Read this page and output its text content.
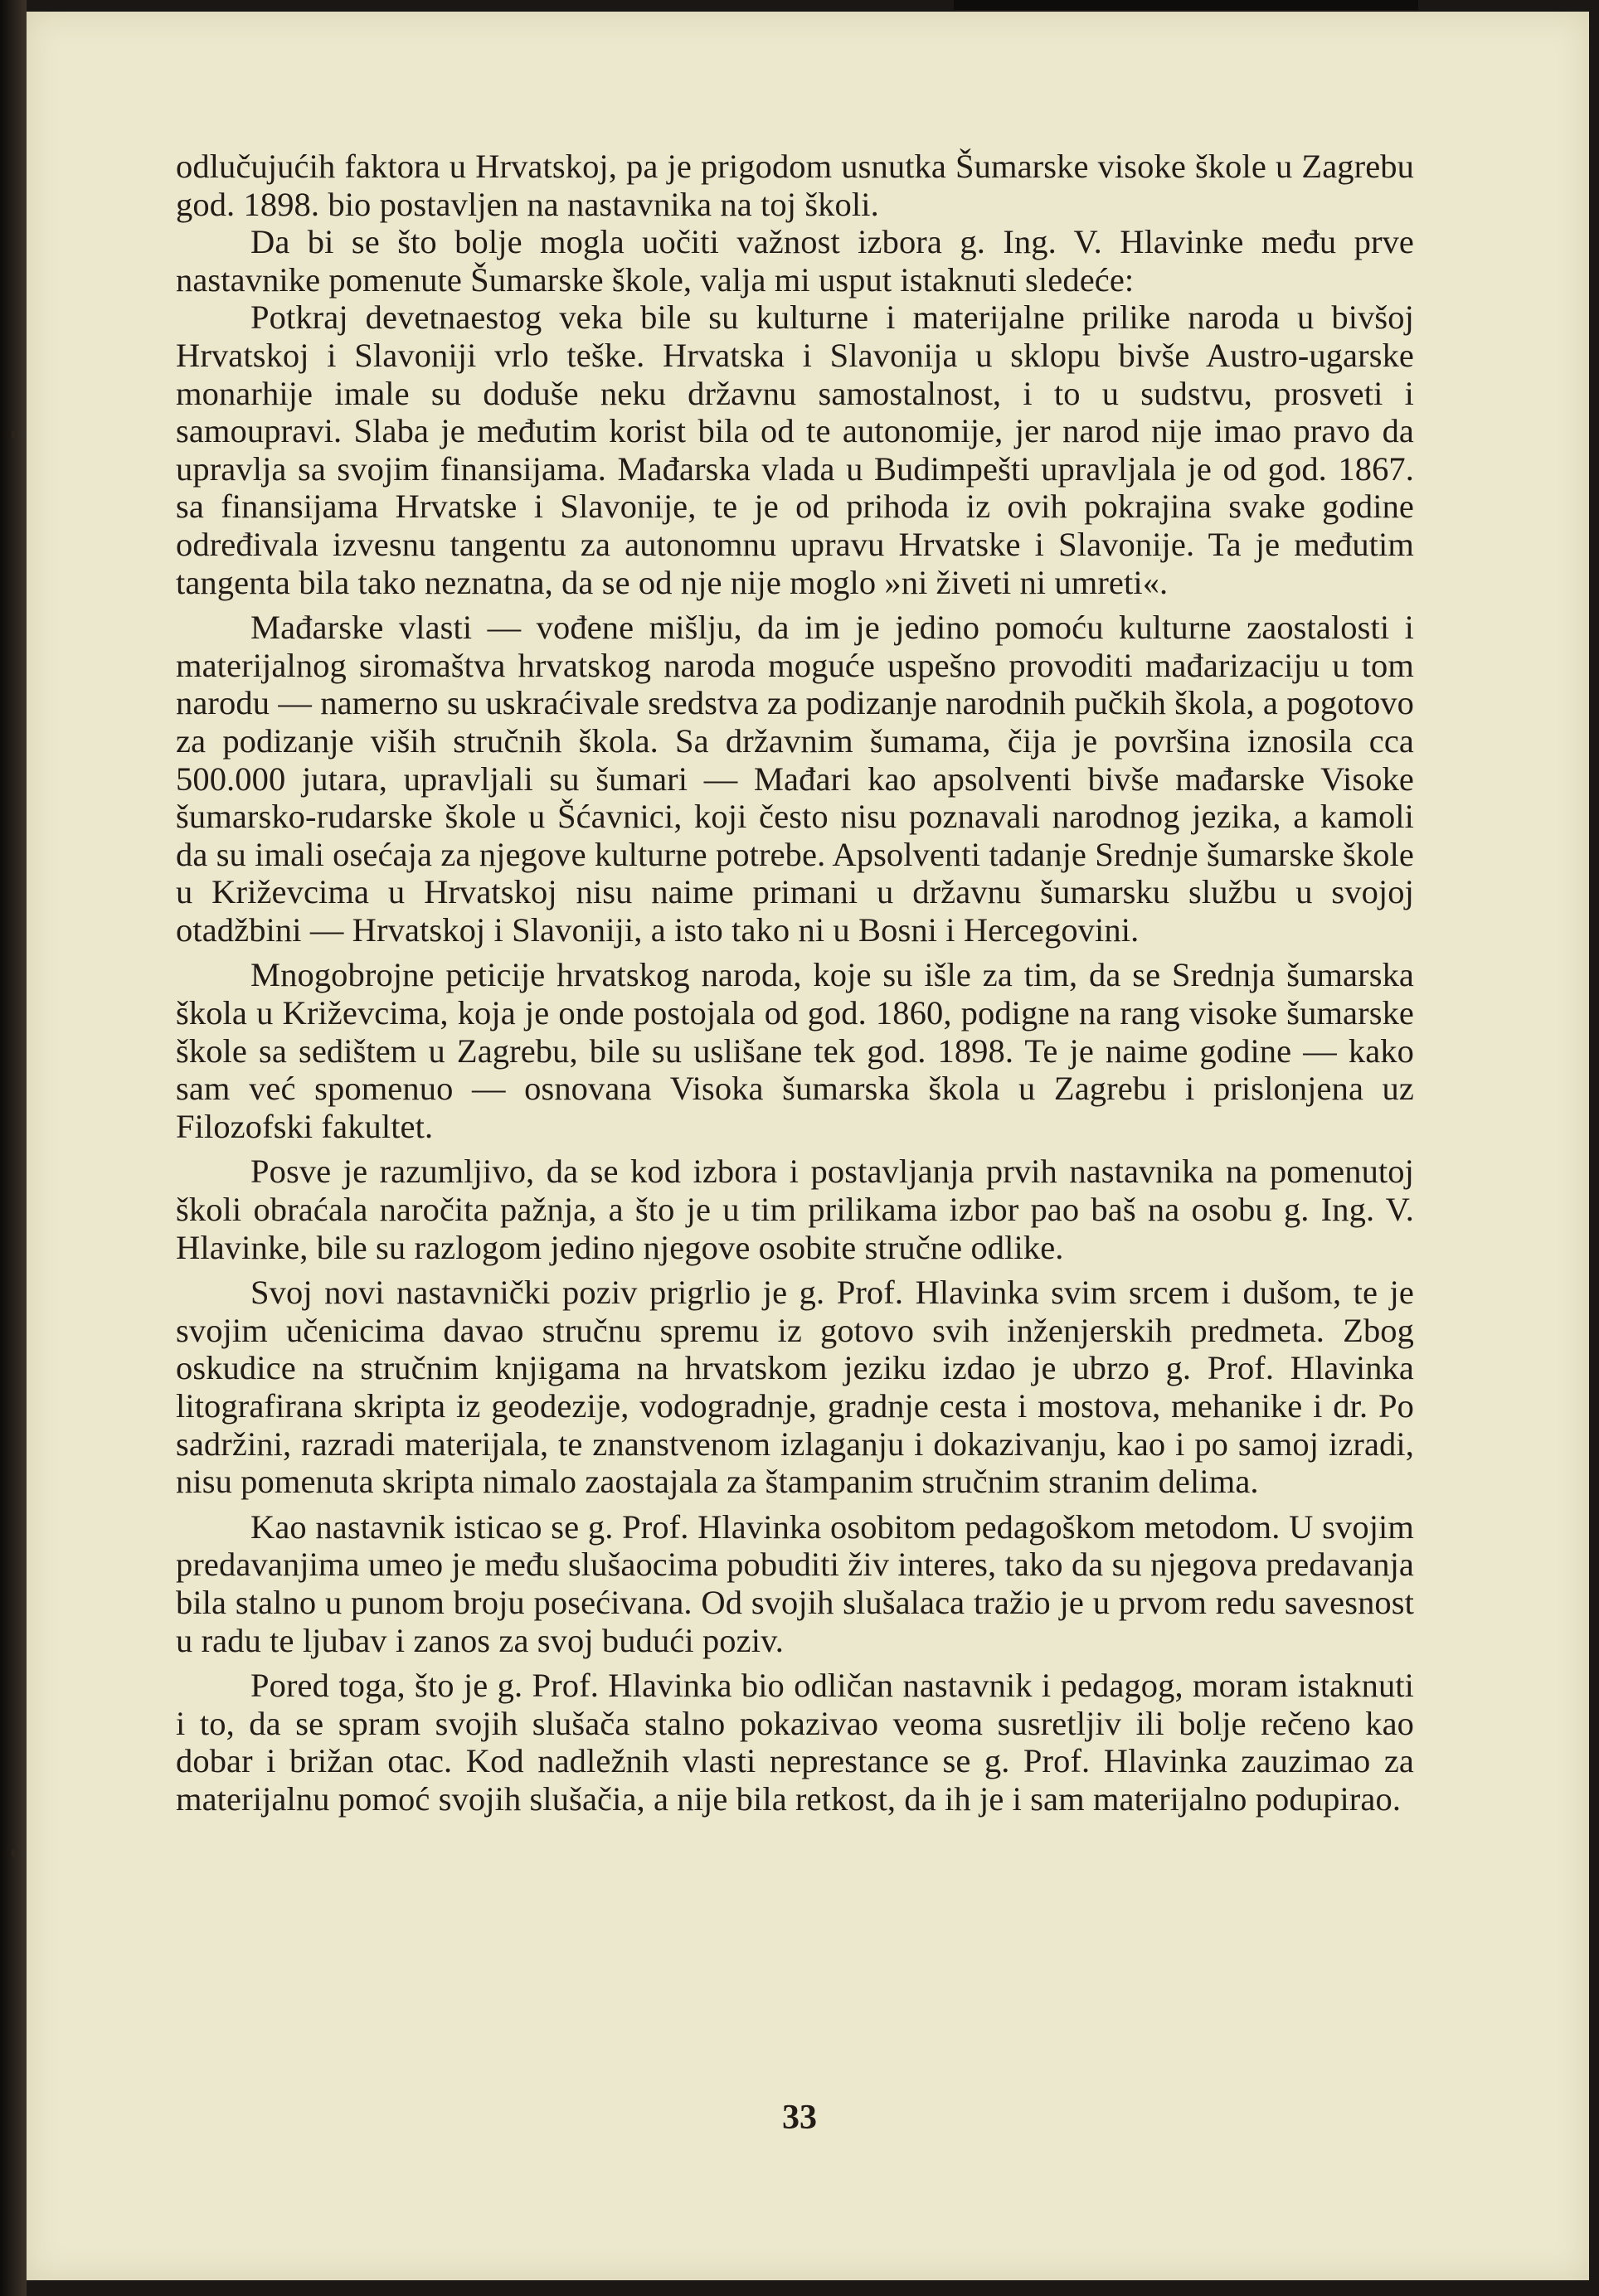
odlučujućih faktora u Hrvatskoj, pa je prigodom usnutka Šumarske visoke škole u Zagrebu god. 1898. bio postavljen na nastavnika na toj školi.

Da bi se što bolje mogla uočiti važnost izbora g. Ing. V. Hlavinke među prve nastavnike pomenute Šumarske škole, valja mi usput istaknuti sledeće:

Potkraj devetnaestog veka bile su kulturne i materijalne prilike naroda u bivšoj Hrvatskoj i Slavoniji vrlo teške. Hrvatska i Slavonija u sklopu bivše Austro-ugarske monarhije imale su doduše neku državnu samostalnost, i to u sudstvu, prosveti i samoupravi. Slaba je međutim korist bila od te autonomije, jer narod nije imao pravo da upravlja sa svojim finansijama. Mađarska vlada u Budimpešti upravljala je od god. 1867. sa finansijama Hrvatske i Slavonije, te je od prihoda iz ovih pokrajina svake godine određivala izvesnu tangentu za autonomnu upravu Hrvatske i Slavonije. Ta je međutim tangenta bila tako neznatna, da se od nje nije moglo »ni živeti ni umreti«.

Mađarske vlasti — vođene mišlju, da im je jedino pomoću kulturne zaostalosti i materijalnog siromaštva hrvatskog naroda moguće uspešno provoditi mađarizaciju u tom narodu — namerno su uskraćivale sredstva za podizanje narodnih pučkih škola, a pogotovo za podizanje viših stručnih škola. Sa državnim šumama, čija je površina iznosila cca 500.000 jutara, upravljali su šumari — Mađari kao apsolventi bivše mađarske Visoke šumarsko-rudarske škole u Šćavnici, koji često nisu poznavali narodnog jezika, a kamoli da su imali osećaja za njegove kulturne potrebe. Apsolventi tadanje Srednje šumarske škole u Križevcima u Hrvatskoj nisu naime primani u državnu šumarsku službu u svojoj otadžbini — Hrvatskoj i Slavoniji, a isto tako ni u Bosni i Hercegovini.

Mnogobrojne peticije hrvatskog naroda, koje su išle za tim, da se Srednja šumarska škola u Križevcima, koja je onde postojala od god. 1860, podigne na rang visoke šumarske škole sa sedištem u Zagrebu, bile su uslišane tek god. 1898. Te je naime godine — kako sam već spomenuo — osnovana Visoka šumarska škola u Zagrebu i prislonjena uz Filozofski fakultet.

Posve je razumljivo, da se kod izbora i postavljanja prvih nastavnika na pomenutoj školi obraćala naročita pažnja, a što je u tim prilikama izbor pao baš na osobu g. Ing. V. Hlavinke, bile su razlogom jedino njegove osobite stručne odlike.

Svoj novi nastavnički poziv prigrlio je g. Prof. Hlavinka svim srcem i dušom, te je svojim učenicima davao stručnu spremu iz gotovo svih inženjerskih predmeta. Zbog oskudice na stručnim knjigama na hrvatskom jeziku izdao je ubrzo g. Prof. Hlavinka litografirana skripta iz geodezije, vodogradnje, gradnje cesta i mostova, mehanike i dr. Po sadržini, razradi materijala, te znanstvenom izlaganju i dokazivanju, kao i po samoj izradi, nisu pomenuta skripta nimalo zaostajala za štampanim stručnim stranim delima.

Kao nastavnik isticao se g. Prof. Hlavinka osobitom pedagoškom metodom. U svojim predavanjima umeo je među slušaocima pobuditi živ interes, tako da su njegova predavanja bila stalno u punom broju posećivana. Od svojih slušalaca tražio je u prvom redu savesnost u radu te ljubav i zanos za svoj budući poziv.

Pored toga, što je g. Prof. Hlavinka bio odličan nastavnik i pedagog, moram istaknuti i to, da se spram svojih slušača stalno pokazivao veoma susretljiv ili bolje rečeno kao dobar i brižan otac. Kod nadležnih vlasti neprestance se g. Prof. Hlavinka zauzimao za materijalnu pomoć svojih slušačia, a nije bila retkost, da ih je i sam materijalno podupirao.

33
